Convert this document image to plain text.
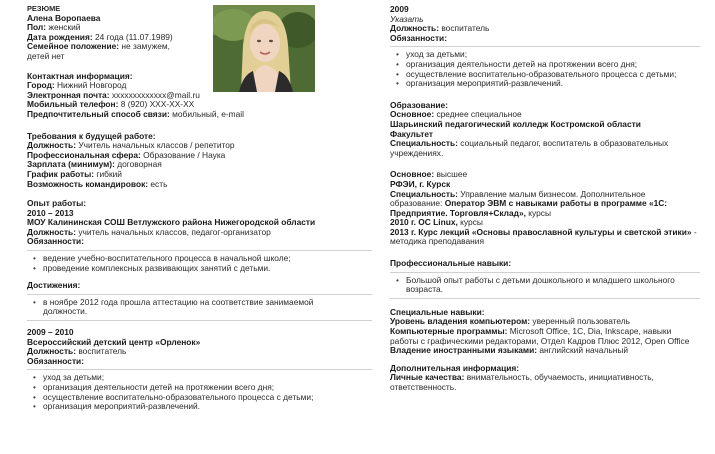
РЕЗЮМЕ
Алена Воропаева
Пол: женский
Дата рождения: 24 года (11.07.1989)
Семейное положение: не замужем,
детей нет
Контактная информация:
Город: Нижний Новгород
Электронная почта: xxxxxxxxxxxxx@mail.ru
Мобильный телефон: 8 (920) XXX-XX-XX
Предпочтительный способ связи: мобильный, e-mail
Требования к будущей работе:
Должность: Учитель начальных классов / репетитор
Профессиональная сфера: Образование / Наука
Зарплата (минимум): договорная
График работы: гибкий
Возможность командировок: есть
Опыт работы:
2010 – 2013
МОУ Калининская СОШ Ветлужского района Нижегородской области
Должность: учитель начальных классов, педагог-организатор
Обязанности:
• ведение учебно-воспитательного процесса в начальной школе;
• проведение комплексных развивающих занятий с детьми.
Достижения:
• в ноябре 2012 года прошла аттестацию на соответствие занимаемой должности.
2009 – 2010
Всероссийский детский центр «Орленок»
Должность: воспитатель
Обязанности:
• уход за детьми;
• организация деятельности детей на протяжении всего дня;
• осуществление воспитательно-образовательного процесса с детьми;
• организация мероприятий-развлечений.
2009
Указать
Должность: воспитатель
Обязанности:
• уход за детьми;
• организация деятельности детей на протяжении всего дня;
• осуществление воспитательно-образовательного процесса с детьми;
• организация мероприятий-развлечений.
Образование:
Основное: среднее специальное
Шарьинский педагогический колледж Костромской области
Факультет
Специальность: социальный педагог, воспитатель в образовательных учреждениях.
Основное: высшее
РФЭИ, г. Курск
Специальность: Управление малым бизнесом. Дополнительное
образование: Оператор ЭВМ с навыками работы в программе «1С: Предприятие. Торговля+Склад», курсы
2010 г. ОС Linux, курсы
2013 г. Курс лекций «Основы православной культуры и светской этики» - методика преподавания
Профессиональные навыки:
• Большой опыт работы с детьми дошкольного и младшего школьного возраста.
Специальные навыки:
Уровень владения компьютером: уверенный пользователь
Компьютерные программы: Microsoft Office, 1С, Dia, Inkscape, навыки работы с графическими редакторами, Отдел Кадров Плюс 2012, Open Office
Владение иностранными языками: английский начальный
Дополнительная информация:
Личные качества: внимательность, обучаемость, инициативность, ответственность.
